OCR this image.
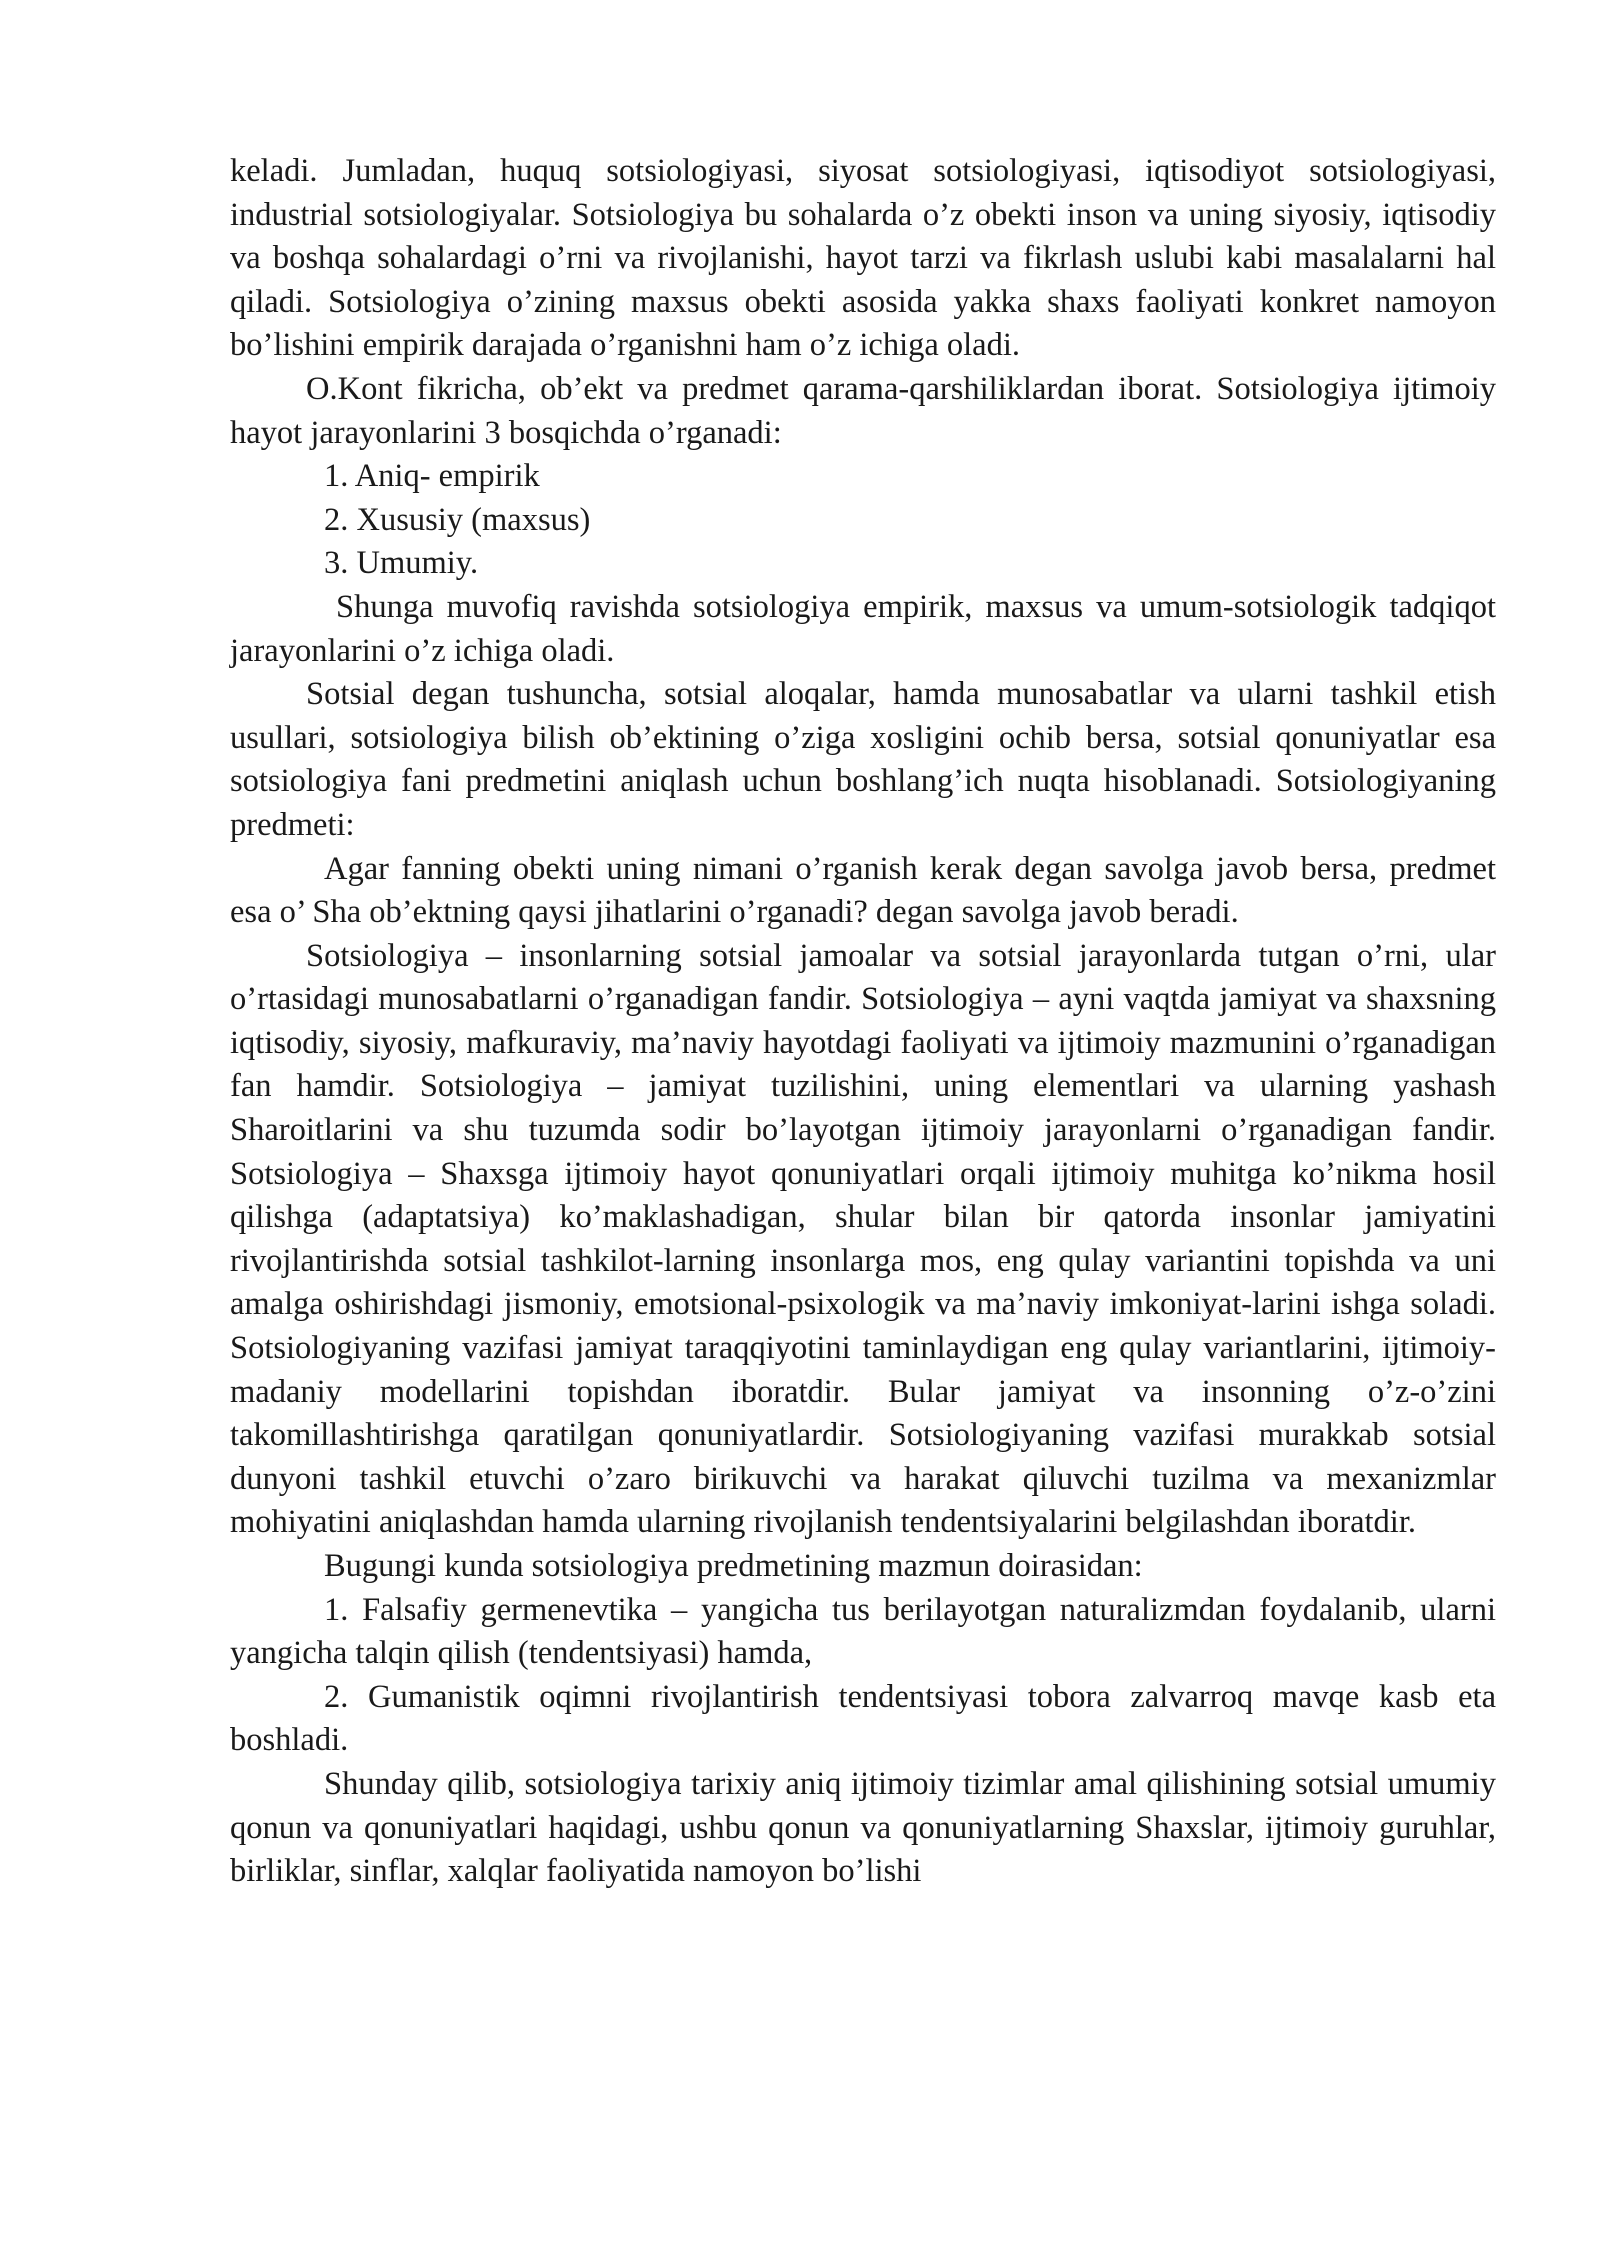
keladi. Jumladan, huquq sotsiologiyasi, siyosat sotsiologiyasi, iqtisodiyot sotsiologiyasi, industrial sotsiologiyalar. Sotsiologiya bu sohalarda o’z obekti inson va uning siyosiy, iqtisodiy va boshqa sohalardagi o’rni va rivojlanishi, hayot tarzi va fikrlash uslubi kabi masalalarni hal qiladi. Sotsiologiya o’zining maxsus obekti asosida yakka shaxs faoliyati konkret namoyon bo’lishini empirik darajada o’rganishni ham o’z ichiga oladi.

O.Kont fikricha, ob’ekt va predmet qarama-qarshiliklardan iborat. Sotsiologiya ijtimoiy hayot jarayonlarini 3 bosqichda o’rganadi:

1. Aniq- empirik

2. Xususiy (maxsus)

3. Umumiy.

Shunga muvofiq ravishda sotsiologiya empirik, maxsus va umum-sotsiologik tadqiqot jarayonlarini o’z ichiga oladi.

Sotsial degan tushuncha, sotsial aloqalar, hamda munosabatlar va ularni tashkil etish usullari, sotsiologiya bilish ob’ektining o’ziga xosligini ochib bersa, sotsial qonuniyatlar esa sotsiologiya fani predmetini aniqlash uchun boshlang’ich nuqta hisoblanadi. Sotsiologiyaning predmeti:

Agar fanning obekti uning nimani o’rganish kerak degan savolga javob bersa, predmet esa o’ Sha ob’ektning qaysi jihatlarini o’rganadi? degan savolga javob beradi.

Sotsiologiya – insonlarning sotsial jamoalar va sotsial jarayonlarda tutgan o’rni, ular o’rtasidagi munosabatlarni o’rganadigan fandir. Sotsiologiya – ayni vaqtda jamiyat va shaxsning iqtisodiy, siyosiy, mafkuraviy, ma’naviy hayotdagi faoliyati va ijtimoiy mazmunini o’rganadigan fan hamdir. Sotsiologiya – jamiyat tuzilishini, uning elementlari va ularning yashash Sharoitlarini va shu tuzumda sodir bo’layotgan ijtimoiy jarayonlarni o’rganadigan fandir. Sotsiologiya – Shaxsga ijtimoiy hayot qonuniyatlari orqali ijtimoiy muhitga ko’nikma hosil qilishga (adaptatsiya) ko’maklashadigan, shular bilan bir qatorda insonlar jamiyatini rivojlantirishda sotsial tashkilot-larning insonlarga mos, eng qulay variantini topishda va uni amalga oshirishdagi jismoniy, emotsional-psixologik va ma’naviy imkoniyat-larini ishga soladi. Sotsiologiyaning vazifasi jamiyat taraqqiyotini taminlaydigan eng qulay variantlarini, ijtimoiy-madaniy modellarini topishdan iboratdir. Bular jamiyat va insonning o’z-o’zini takomillashtirishga qaratilgan qonuniyatlardir. Sotsiologiyaning vazifasi murakkab sotsial dunyoni tashkil etuvchi o’zaro birikuvchi va harakat qiluvchi tuzilma va mexanizmlar mohiyatini aniqlashdan hamda ularning rivojlanish tendentsiyalarini belgilashdan iboratdir.

Bugungi kunda sotsiologiya predmetining mazmun doirasidan:

1. Falsafiy germenevtika – yangicha tus berilayotgan naturalizmdan foydalanib, ularni yangicha talqin qilish (tendentsiyasi) hamda,

2. Gumanistik oqimni rivojlantirish tendentsiyasi tobora zalvarroq mavqe kasb eta boshladi.

Shunday qilib, sotsiologiya tarixiy aniq ijtimoiy tizimlar amal qilishining sotsial umumiy qonun va qonuniyatlari haqidagi, ushbu qonun va qonuniyatlarning Shaxslar, ijtimoiy guruhlar, birliklar, sinflar, xalqlar faoliyatida namoyon bo’lishi
